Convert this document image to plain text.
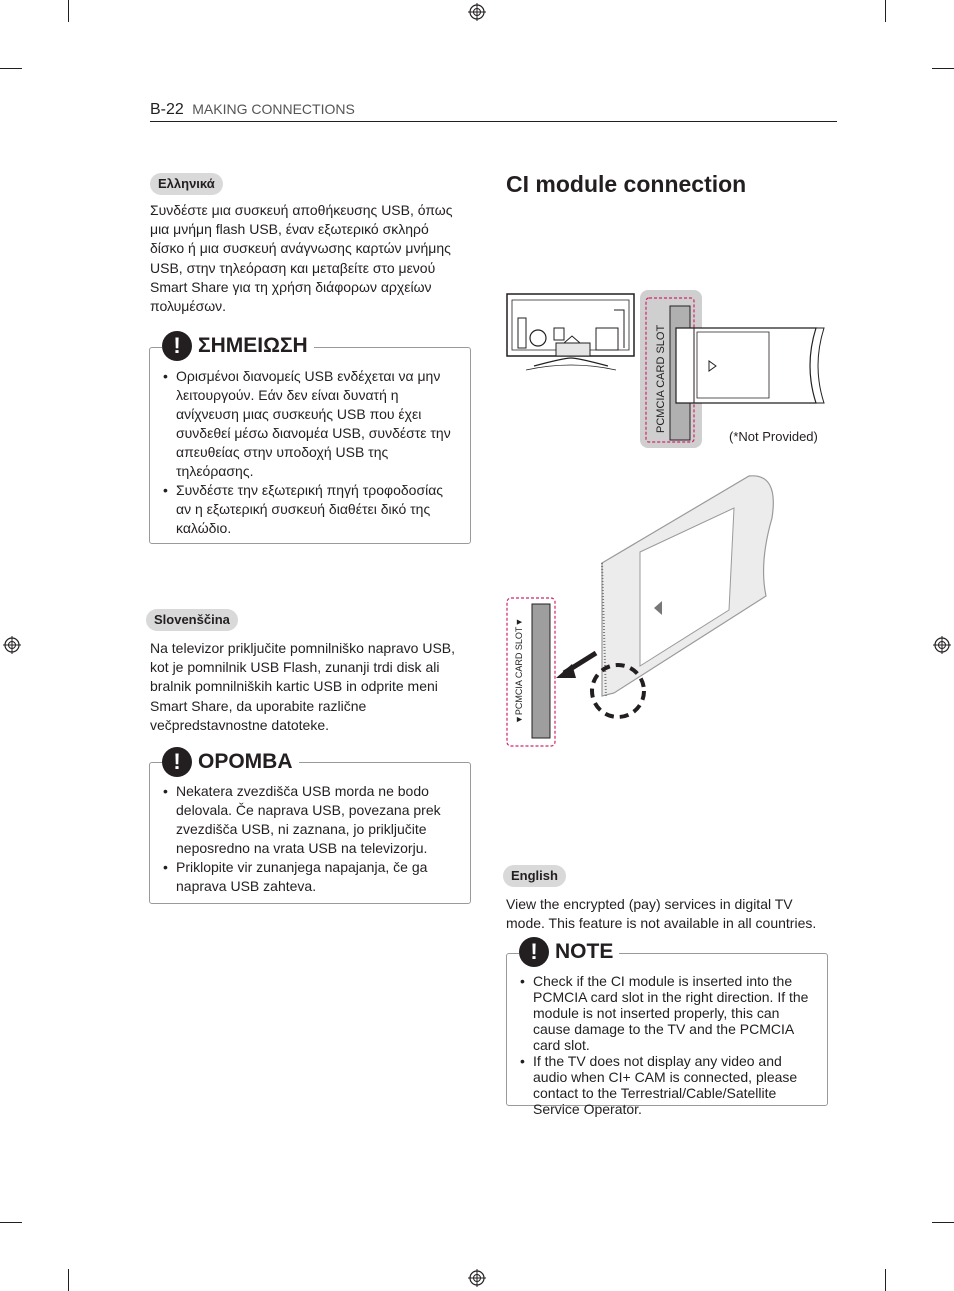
B-22 MAKING CONNECTIONS
Ελληνικά
Συνδέστε μια συσκευή αποθήκευσης USB, όπως μια μνήμη flash USB, έναν εξωτερικό σκληρό δίσκο ή μια συσκευή ανάγνωσης καρτών μνήμης USB, στην τηλεόραση και μεταβείτε στο μενού Smart Share για τη χρήση διάφορων αρχείων πολυμέσων.
! ΣΗΜΕΙΩΣΗ
• Ορισμένοι διανομείς USB ενδέχεται να μην λειτουργούν. Εάν δεν είναι δυνατή η ανίχνευση μιας συσκευής USB που έχει συνδεθεί μέσω διανομέα USB, συνδέστε την απευθείας στην υποδοχή USB της τηλεόρασης.
• Συνδέστε την εξωτερική πηγή τροφοδοσίας αν η εξωτερική συσκευή διαθέτει δικό της καλώδιο.
Slovenščina
Na televizor priključite pomnilniško napravo USB, kot je pomnilnik USB Flash, zunanji trdi disk ali bralnik pomnilniških kartic USB in odprite meni Smart Share, da uporabite različne večpredstavnostne datoteke.
! OPOMBA
• Nekatera zvezdišča USB morda ne bodo delovala. Če naprava USB, povezana prek zvezdišča USB, ni zaznana, jo priključite neposredno na vrata USB na televizorju.
• Priklopite vir zunanjega napajanja, če ga naprava USB zahteva.
CI module connection
PCMCIA CARD SLOT
(*Not Provided)
▼PCMCIA CARD SLOT▼
English
View the encrypted (pay) services in digital TV mode. This feature is not available in all countries.
! NOTE
• Check if the CI module is inserted into the PCMCIA card slot in the right direction. If the module is not inserted properly, this can cause damage to the TV and the PCMCIA card slot.
• If the TV does not display any video and audio when CI+ CAM is connected, please contact to the Terrestrial/Cable/Satellite Service Operator.
